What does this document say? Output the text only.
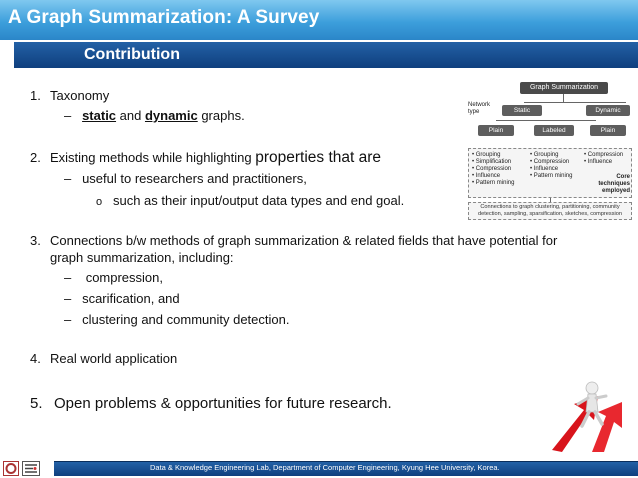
A Graph Summarization: A Survey
Contribution
1. Taxonomy
– static and dynamic graphs.
2. Existing methods while highlighting properties that are
– useful to researchers and practitioners,
o such as their input/output data types and end goal.
3. Connections b/w methods of graph summarization & related fields that have potential for
graph summarization, including:
–    compression,
– scarification, and
– clustering and community detection.
4. Real world application
5. Open problems & opportunities for future research.
Graph Summarization
Network type	Static	Dynamic
Plain	Labeled	Plain
• Grouping
• Simplification
• Compression
• Influence
• Pattern mining
• Grouping
• Compression
• Influence
• Pattern mining
• Compression
• Influence
Core techniques employed
Connections to graph clustering, partitioning, community detection, sampling, sparsification, sketches, compression
Data & Knowledge Engineering Lab, Department of Computer Engineering, Kyung Hee University, Korea.
